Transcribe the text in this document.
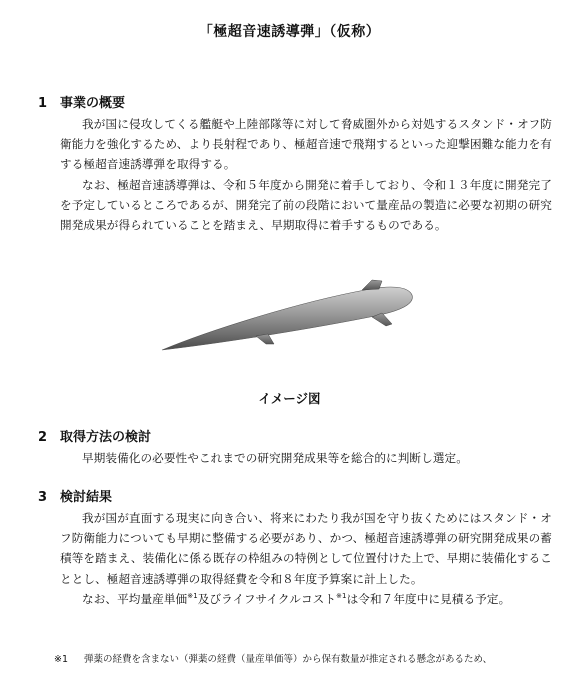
「極超音速誘導弾」（仮称）
1 事業の概要
我が国に侵攻してくる艦艇や上陸部隊等に対して脅威圏外から対処するスタンド・オフ防衛能力を強化するため、より長射程であり、極超音速で飛翔するといった迎撃困難な能力を有する極超音速誘導弾を取得する。
なお、極超音速誘導弾は、令和５年度から開発に着手しており、令和１３年度に開発完了を予定しているところであるが、開発完了前の段階において量産品の製造に必要な初期の研究開発成果が得られていることを踏まえ、早期取得に着手するものである。
イメージ図
2 取得方法の検討
早期装備化の必要性やこれまでの研究開発成果等を総合的に判断し選定。
3 検討結果
我が国が直面する現実に向き合い、将来にわたり我が国を守り抜くためにはスタンド・オフ防衛能力についても早期に整備する必要があり、かつ、極超音速誘導弾の研究開発成果の蓄積等を踏まえ、装備化に係る既存の枠組みの特例として位置付けた上で、早期に装備化することとし、極超音速誘導弾の取得経費を令和８年度予算案に計上した。
なお、平均量産単価$^{※1}$及びライフサイクルコスト$^{※1}$は令和７年度中に見積る予定。
※1 弾薬の経費を含まない（弾薬の経費（量産単価等）から保有数量が推定される懸念があるため、
